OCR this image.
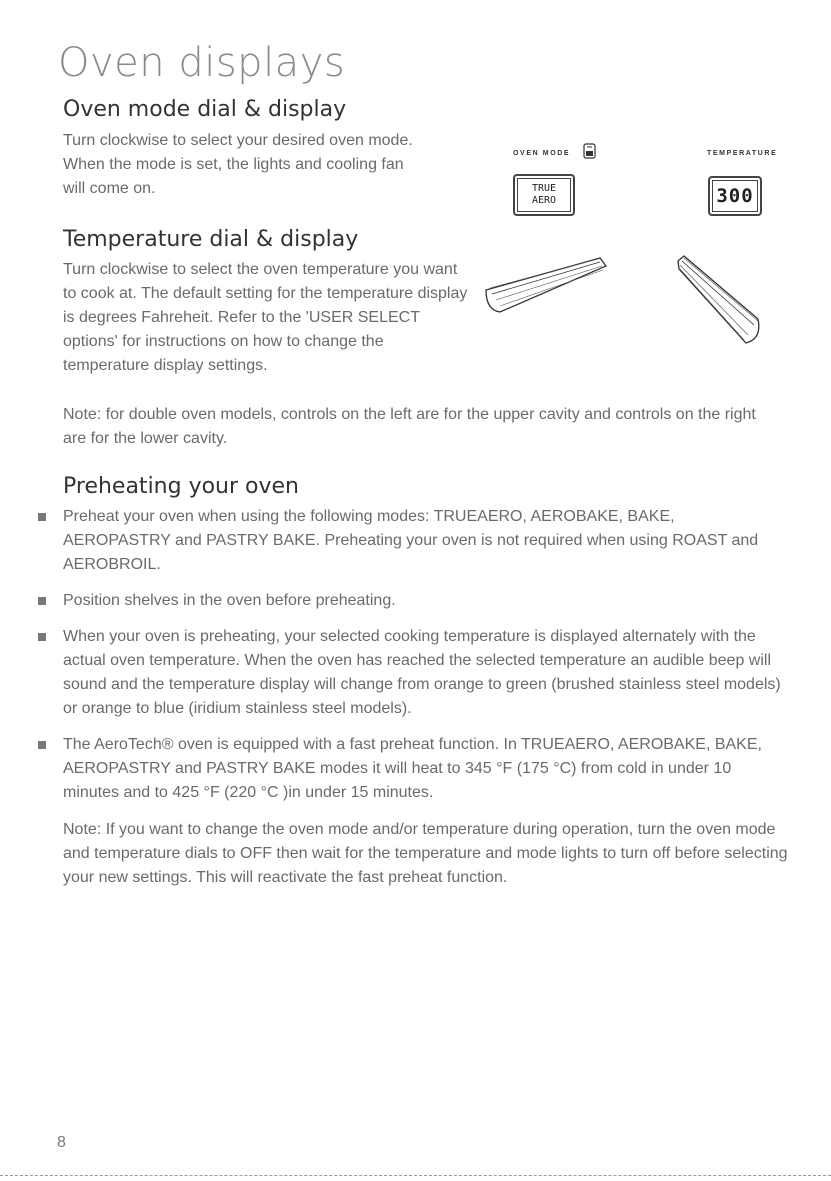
Oven displays
Oven mode dial & display

Turn clockwise to select your desired oven mode. When the mode is set, the lights and cooling fan will come on.

Temperature dial & display

Turn clockwise to select the oven temperature you want to cook at. The default setting for the temperature display is degrees Fahreheit. Refer to the 'USER SELECT options' for instructions on how to change the temperature display settings.

OVEN MODE	TEMPERATURE
TRUE
AERO	300

Note: for double oven models, controls on the left are for the upper cavity and controls on the right are for the lower cavity.

Preheating your oven
Preheat your oven when using the following modes: TRUEAERO, AEROBAKE, BAKE, AEROPASTRY and PASTRY BAKE. Preheating your oven is not required when using ROAST and AEROBROIL.
Position shelves in the oven before preheating.
When your oven is preheating, your selected cooking temperature is displayed alternately with the actual oven temperature. When the oven has reached the selected temperature an audible beep will sound and the temperature display will change from orange to green (brushed stainless steel models) or orange to blue (iridium stainless steel models).
The AeroTech® oven is equipped with a fast preheat function. In TRUEAERO, AEROBAKE, BAKE, AEROPASTRY and PASTRY BAKE modes it will heat to 345 °F (175 °C) from cold in under 10 minutes and to 425 °F (220 °C )in under 15 minutes.

Note: If you want to change the oven mode and/or temperature during operation, turn the oven mode and temperature dials to OFF then wait for the temperature and mode lights to turn off before selecting your new settings. This will reactivate the fast preheat function.

8
